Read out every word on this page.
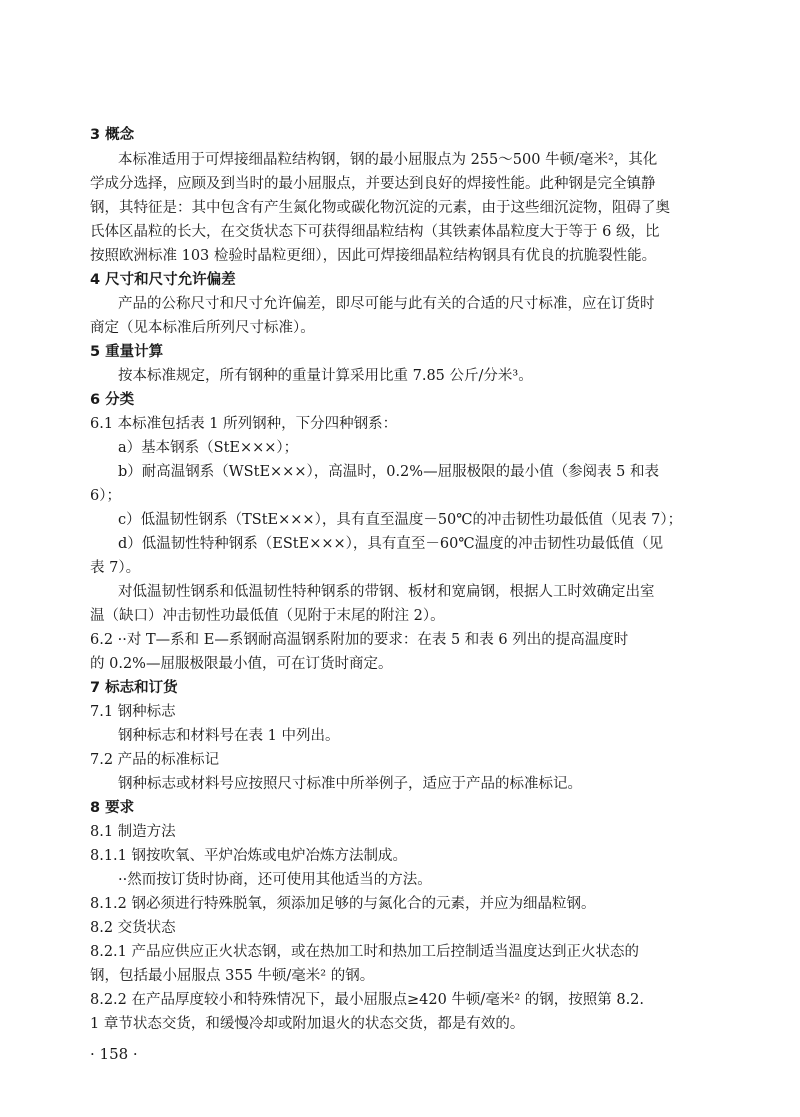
3 概念
本标准适用于可焊接细晶粒结构钢，钢的最小屈服点为 255～500 牛顿/毫米²，其化
学成分选择，应顾及到当时的最小屈服点，并要达到良好的焊接性能。此种钢是完全镇静
钢，其特征是：其中包含有产生氮化物或碳化物沉淀的元素，由于这些细沉淀物，阻碍了奥
氏体区晶粒的长大，在交货状态下可获得细晶粒结构（其铁素体晶粒度大于等于 6 级，比
按照欧洲标准 103 检验时晶粒更细），因此可焊接细晶粒结构钢具有优良的抗脆裂性能。
4 尺寸和尺寸允许偏差
产品的公称尺寸和尺寸允许偏差，即尽可能与此有关的合适的尺寸标准，应在订货时
商定（见本标准后所列尺寸标准）。
5 重量计算
按本标准规定，所有钢种的重量计算采用比重 7.85 公斤/分米³。
6 分类
6.1 本标准包括表 1 所列钢种，下分四种钢系：
a）基本钢系（StE×××）；
b）耐高温钢系（WStE×××），高温时，0.2%—屈服极限的最小值（参阅表 5 和表
6）；
c）低温韧性钢系（TStE×××），具有直至温度－50℃的冲击韧性功最低值（见表 7）；
d）低温韧性特种钢系（EStE×××），具有直至－60℃温度的冲击韧性功最低值（见
表 7）。
对低温韧性钢系和低温韧性特种钢系的带钢、板材和宽扁钢，根据人工时效确定出室
温（缺口）冲击韧性功最低值（见附于末尾的附注 2）。
6.2 ··对 T—系和 E—系钢耐高温钢系附加的要求：在表 5 和表 6 列出的提高温度时
的 0.2%—屈服极限最小值，可在订货时商定。
7 标志和订货
7.1 钢种标志
钢种标志和材料号在表 1 中列出。
7.2 产品的标准标记
钢种标志或材料号应按照尺寸标准中所举例子，适应于产品的标准标记。
8 要求
8.1 制造方法
8.1.1 钢按吹氧、平炉冶炼或电炉冶炼方法制成。
··然而按订货时协商，还可使用其他适当的方法。
8.1.2 钢必须进行特殊脱氧，须添加足够的与氮化合的元素，并应为细晶粒钢。
8.2 交货状态
8.2.1 产品应供应正火状态钢，或在热加工时和热加工后控制适当温度达到正火状态的
钢，包括最小屈服点 355 牛顿/毫米² 的钢。
8.2.2 在产品厚度较小和特殊情况下，最小屈服点≥420 牛顿/毫米² 的钢，按照第 8.2.
1 章节状态交货，和缓慢冷却或附加退火的状态交货，都是有效的。
· 158 ·
